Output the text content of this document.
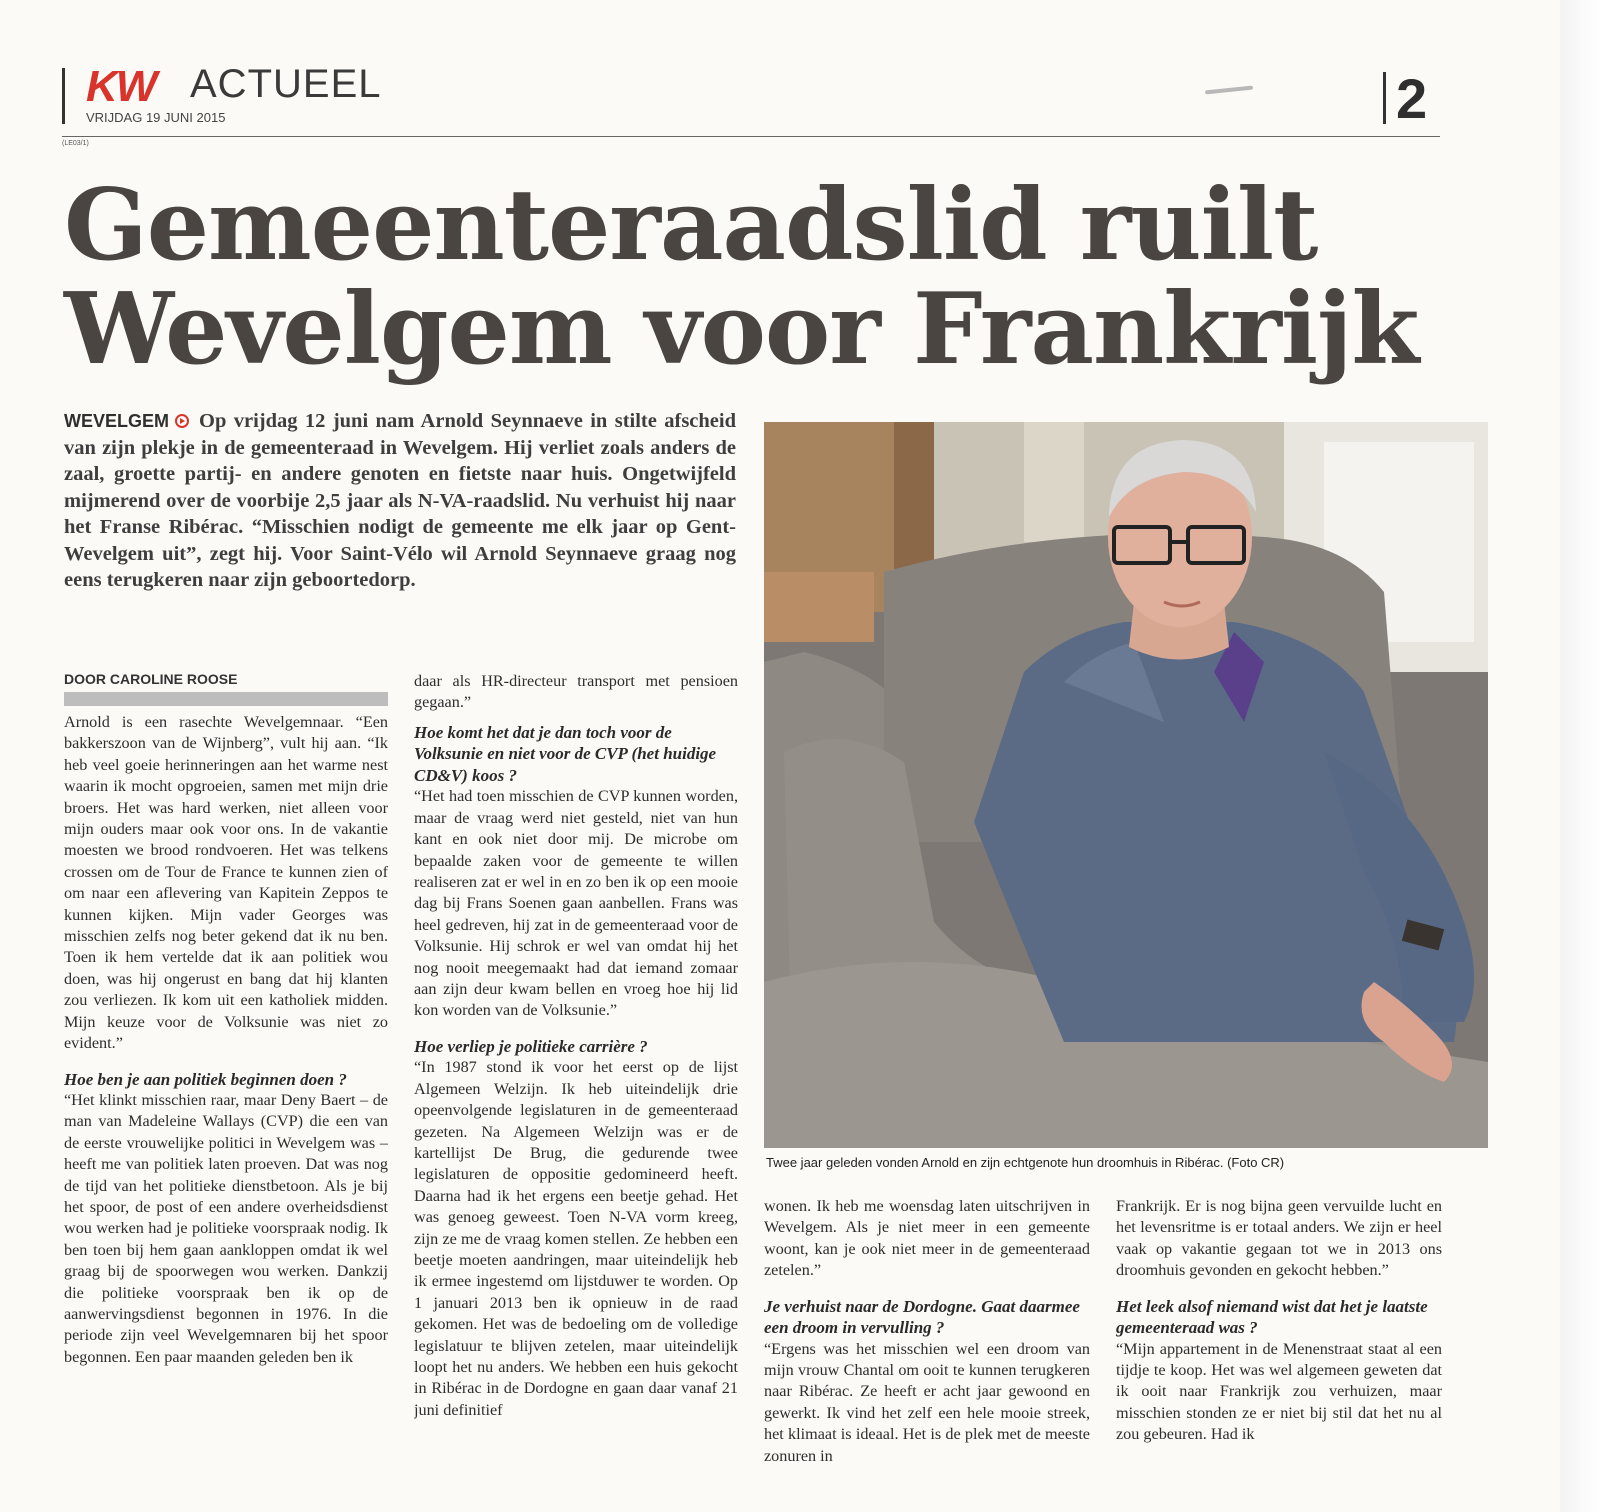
KW ACTUEEL
VRIJDAG 19 JUNI 2015	2
(LE03/1)
Gemeenteraadslid ruilt
Wevelgem voor Frankrijk
WEVELGEM Op vrijdag 12 juni nam Arnold Seynnaeve in stilte afscheid van zijn plekje in de gemeenteraad in Wevelgem. Hij verliet zoals anders de zaal, groette partij- en andere genoten en fietste naar huis. Ongetwijfeld mijmerend over de voorbije 2,5 jaar als N-VA-raadslid. Nu verhuist hij naar het Franse Ribérac. “Misschien nodigt de gemeente me elk jaar op Gent-Wevelgem uit”, zegt hij. Voor Saint-Vélo wil Arnold Seynnaeve graag nog eens terugkeren naar zijn geboortedorp.
DOOR CAROLINE ROOSE

Arnold is een rasechte Wevelgemnaar. “Een bakkerszoon van de Wijnberg”, vult hij aan. “Ik heb veel goeie herinneringen aan het warme nest waarin ik mocht opgroeien, samen met mijn drie broers. Het was hard werken, niet alleen voor mijn ouders maar ook voor ons. In de vakantie moesten we brood rondvoeren. Het was telkens crossen om de Tour de France te kunnen zien of om naar een aflevering van Kapitein Zeppos te kunnen kijken. Mijn vader Georges was misschien zelfs nog beter gekend dat ik nu ben. Toen ik hem vertelde dat ik aan politiek wou doen, was hij ongerust en bang dat hij klanten zou verliezen. Ik kom uit een katholiek midden. Mijn keuze voor de Volksunie was niet zo evident.”

Hoe ben je aan politiek beginnen doen ?

“Het klinkt misschien raar, maar Deny Baert – de man van Madeleine Wallays (CVP) die een van de eerste vrouwelijke politici in Wevelgem was – heeft me van politiek laten proeven. Dat was nog de tijd van het politieke dienstbetoon. Als je bij het spoor, de post of een andere overheidsdienst wou werken had je politieke voorspraak nodig. Ik ben toen bij hem gaan aankloppen omdat ik wel graag bij de spoorwegen wou werken. Dankzij die politieke voorspraak ben ik op de aanwervingsdienst begonnen in 1976. In die periode zijn veel Wevelgemnaren bij het spoor begonnen. Een paar maanden geleden ben ik

daar als HR-directeur transport met pensioen gegaan.”

Hoe komt het dat je dan toch voor de Volksunie en niet voor de CVP (het huidige CD&V) koos ?

“Het had toen misschien de CVP kunnen worden, maar de vraag werd niet gesteld, niet van hun kant en ook niet door mij. De microbe om bepaalde zaken voor de gemeente te willen realiseren zat er wel in en zo ben ik op een mooie dag bij Frans Soenen gaan aanbellen. Frans was heel gedreven, hij zat in de gemeenteraad voor de Volksunie. Hij schrok er wel van omdat hij het nog nooit meegemaakt had dat iemand zomaar aan zijn deur kwam bellen en vroeg hoe hij lid kon worden van de Volksunie.”

Hoe verliep je politieke carrière ?

“In 1987 stond ik voor het eerst op de lijst Algemeen Welzijn. Ik heb uiteindelijk drie opeenvolgende legislaturen in de gemeenteraad gezeten. Na Algemeen Welzijn was er de kartellijst De Brug, die gedurende twee legislaturen de oppositie gedomineerd heeft. Daarna had ik het ergens een beetje gehad. Het was genoeg geweest. Toen N-VA vorm kreeg, zijn ze me de vraag komen stellen. Ze hebben een beetje moeten aandringen, maar uiteindelijk heb ik ermee ingestemd om lijstduwer te worden. Op 1 januari 2013 ben ik opnieuw in de raad gekomen. Het was de bedoeling om de volledige legislatuur te blijven zetelen, maar uiteindelijk loopt het nu anders. We hebben een huis gekocht in Ribérac in de Dordogne en gaan daar vanaf 21 juni definitief

Twee jaar geleden vonden Arnold en zijn echtgenote hun droomhuis in Ribérac. (Foto CR)

wonen. Ik heb me woensdag laten uitschrijven in Wevelgem. Als je niet meer in een gemeente woont, kan je ook niet meer in de gemeenteraad zetelen.”

Je verhuist naar de Dordogne. Gaat daarmee een droom in vervulling ?

“Ergens was het misschien wel een droom van mijn vrouw Chantal om ooit te kunnen terugkeren naar Ribérac. Ze heeft er acht jaar gewoond en gewerkt. Ik vind het zelf een hele mooie streek, het klimaat is ideaal. Het is de plek met de meeste zonuren in

Frankrijk. Er is nog bijna geen vervuilde lucht en het levensritme is er totaal anders. We zijn er heel vaak op vakantie gegaan tot we in 2013 ons droomhuis gevonden en gekocht hebben.”

Het leek alsof niemand wist dat het je laatste gemeenteraad was ?

“Mijn appartement in de Menenstraat staat al een tijdje te koop. Het was wel algemeen geweten dat ik ooit naar Frankrijk zou verhuizen, maar misschien stonden ze er niet bij stil dat het nu al zou gebeuren. Had ik
